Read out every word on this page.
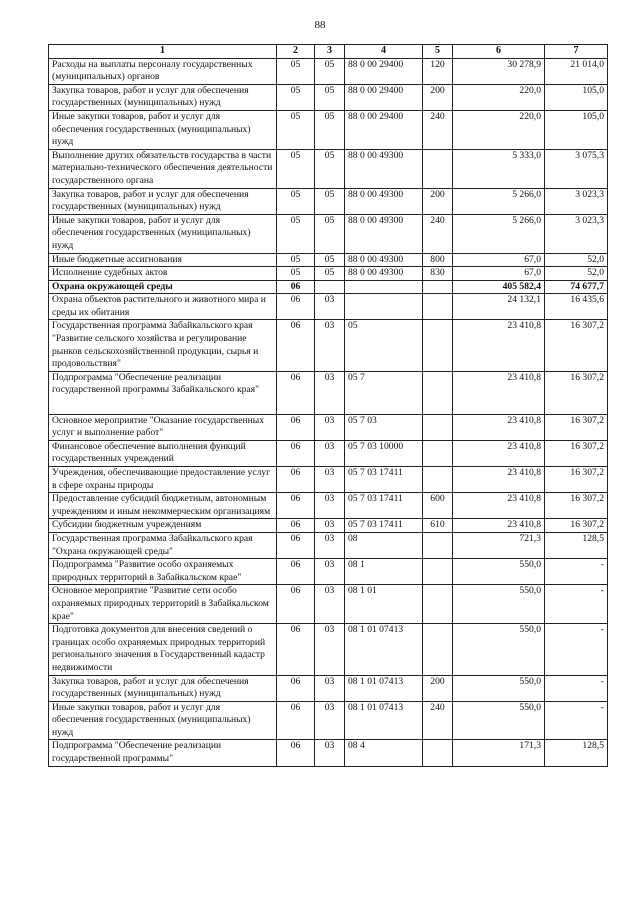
88
1	2	3	4	5	6	7
Расходы на выплаты персоналу государственных (муниципальных) органов	05	05	88 0 00 29400	120	30 278,9	21 014,0
Закупка товаров, работ и услуг для обеспечения государственных (муниципальных) нужд	05	05	88 0 00 29400	200	220,0	105,0
Иные закупки товаров, работ и услуг для обеспечения государственных (муниципальных) нужд	05	05	88 0 00 29400	240	220,0	105,0
Выполнение других обязательств государства в части материально-технического обеспечения деятельности государственного органа	05	05	88 0 00 49300		5 333,0	3 075,3
Закупка товаров, работ и услуг для обеспечения государственных (муниципальных) нужд	05	05	88 0 00 49300	200	5 266,0	3 023,3
Иные закупки товаров, работ и услуг для обеспечения государственных (муниципальных) нужд	05	05	88 0 00 49300	240	5 266,0	3 023,3
Иные бюджетные ассигнования	05	05	88 0 00 49300	800	67,0	52,0
Исполнение судебных актов	05	05	88 0 00 49300	830	67,0	52,0
Охрана окружающей среды	06				405 582,4	74 677,7
Охрана объектов растительного и животного мира и среды их обитания	06	03			24 132,1	16 435,6
Государственная программа Забайкальского края "Развитие сельского хозяйства и регулирование рынков сельскохозяйственной продукции, сырья и продовольствия"	06	03	05		23 410,8	16 307,2
Подпрограмма "Обеспечение реализации государственной программы Забайкальского края"	06	03	05 7		23 410,8	16 307,2
Основное мероприятие "Оказание государственных услуг и выполнение работ"	06	03	05 7 03		23 410,8	16 307,2
Финансовое обеспечение выполнения функций государственных учреждений	06	03	05 7 03 10000		23 410,8	16 307,2
Учреждения, обеспечивающие предоставление услуг в сфере охраны природы	06	03	05 7 03 17411		23 410,8	16 307,2
Предоставление субсидий бюджетным, автономным учреждениям и иным некоммерческим организациям	06	03	05 7 03 17411	600	23 410,8	16 307,2
Субсидии бюджетным учреждениям	06	03	05 7 03 17411	610	23 410,8	16 307,2
Государственная программа Забайкальского края "Охрана окружающей среды"	06	03	08		721,3	128,5
Подпрограмма "Развитие особо охраняемых природных территорий в Забайкальском крае"	06	03	08 1		550,0	-
Основное мероприятие "Развитие сети особо охраняемых природных территорий в Забайкальском крае"	06	03	08 1 01		550,0	-
Подготовка документов для внесения сведений о границах особо охраняемых природных территорий регионального значения в Государственный кадастр недвижимости	06	03	08 1 01 07413		550,0	-
Закупка товаров, работ и услуг для обеспечения государственных (муниципальных) нужд	06	03	08 1 01 07413	200	550,0	-
Иные закупки товаров, работ и услуг для обеспечения государственных (муниципальных) нужд	06	03	08 1 01 07413	240	550,0	-
Подпрограмма "Обеспечение реализации государственной программы"	06	03	08 4		171,3	128,5
